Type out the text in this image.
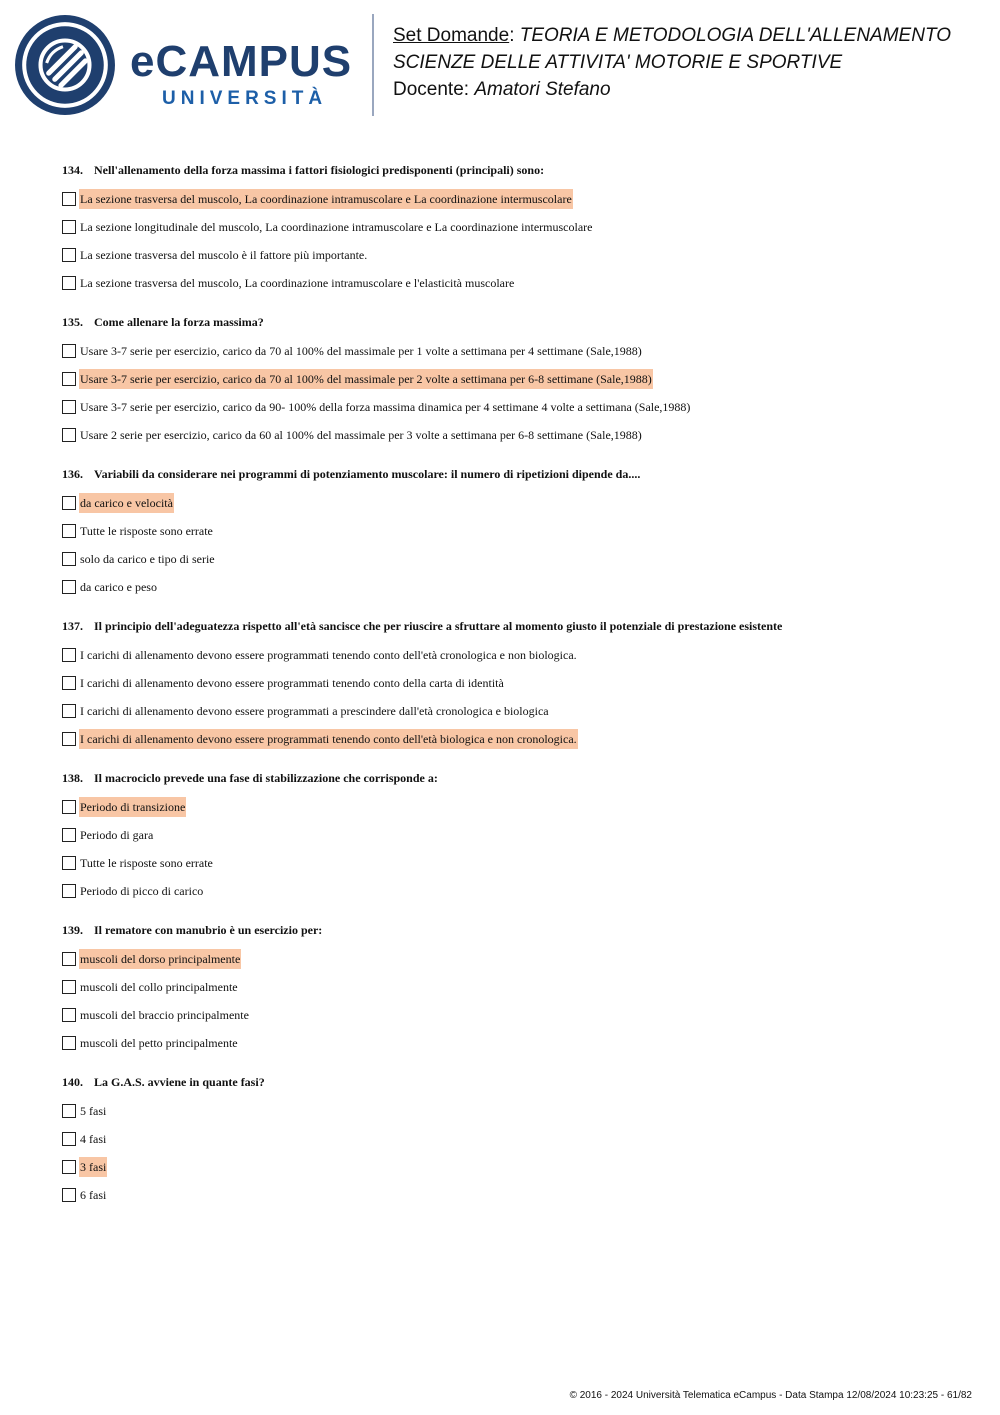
eCAMPUS
UNIVERSITÀ
Set Domande: TEORIA E METODOLOGIA DELL'ALLENAMENTO
SCIENZE DELLE ATTIVITA' MOTORIE E SPORTIVE
Docente: Amatori Stefano
134. Nell'allenamento della forza massima i fattori fisiologici predisponenti (principali) sono:
La sezione trasversa del muscolo, La coordinazione intramuscolare e La coordinazione intermuscolare
La sezione longitudinale del muscolo, La coordinazione intramuscolare e La coordinazione intermuscolare
La sezione trasversa del muscolo è il fattore più importante.
La sezione trasversa del muscolo, La coordinazione intramuscolare e l'elasticità muscolare
135. Come allenare la forza massima?
Usare 3-7 serie per esercizio, carico da 70 al 100% del massimale per 1 volte a settimana per 4 settimane (Sale,1988)
Usare 3-7 serie per esercizio, carico da 70 al 100% del massimale per 2 volte a settimana per 6-8 settimane (Sale,1988)
Usare 3-7 serie per esercizio, carico da 90- 100% della forza massima dinamica per 4 settimane 4 volte a settimana (Sale,1988)
Usare 2 serie per esercizio, carico da 60 al 100% del massimale per 3 volte a settimana per 6-8 settimane (Sale,1988)
136. Variabili da considerare nei programmi di potenziamento muscolare: il numero di ripetizioni dipende da....
da carico e velocità
Tutte le risposte sono errate
solo da carico e tipo di serie
da carico e peso
137. Il principio dell'adeguatezza rispetto all'età sancisce che per riuscire a sfruttare al momento giusto il potenziale di prestazione esistente
I carichi di allenamento devono essere programmati tenendo conto dell'età cronologica e non biologica.
I carichi di allenamento devono essere programmati tenendo conto della carta di identità
I carichi di allenamento devono essere programmati a prescindere dall'età cronologica e biologica
I carichi di allenamento devono essere programmati tenendo conto dell'età biologica e non cronologica.
138. Il macrociclo prevede una fase di stabilizzazione che corrisponde a:
Periodo di transizione
Periodo di gara
Tutte le risposte sono errate
Periodo di picco di carico
139. Il rematore con manubrio è un esercizio per:
muscoli del dorso principalmente
muscoli del collo principalmente
muscoli del braccio principalmente
muscoli del petto principalmente
140. La G.A.S. avviene in quante fasi?
5 fasi
4 fasi
3 fasi
6 fasi
© 2016 - 2024 Università Telematica eCampus - Data Stampa 12/08/2024 10:23:25 - 61/82
